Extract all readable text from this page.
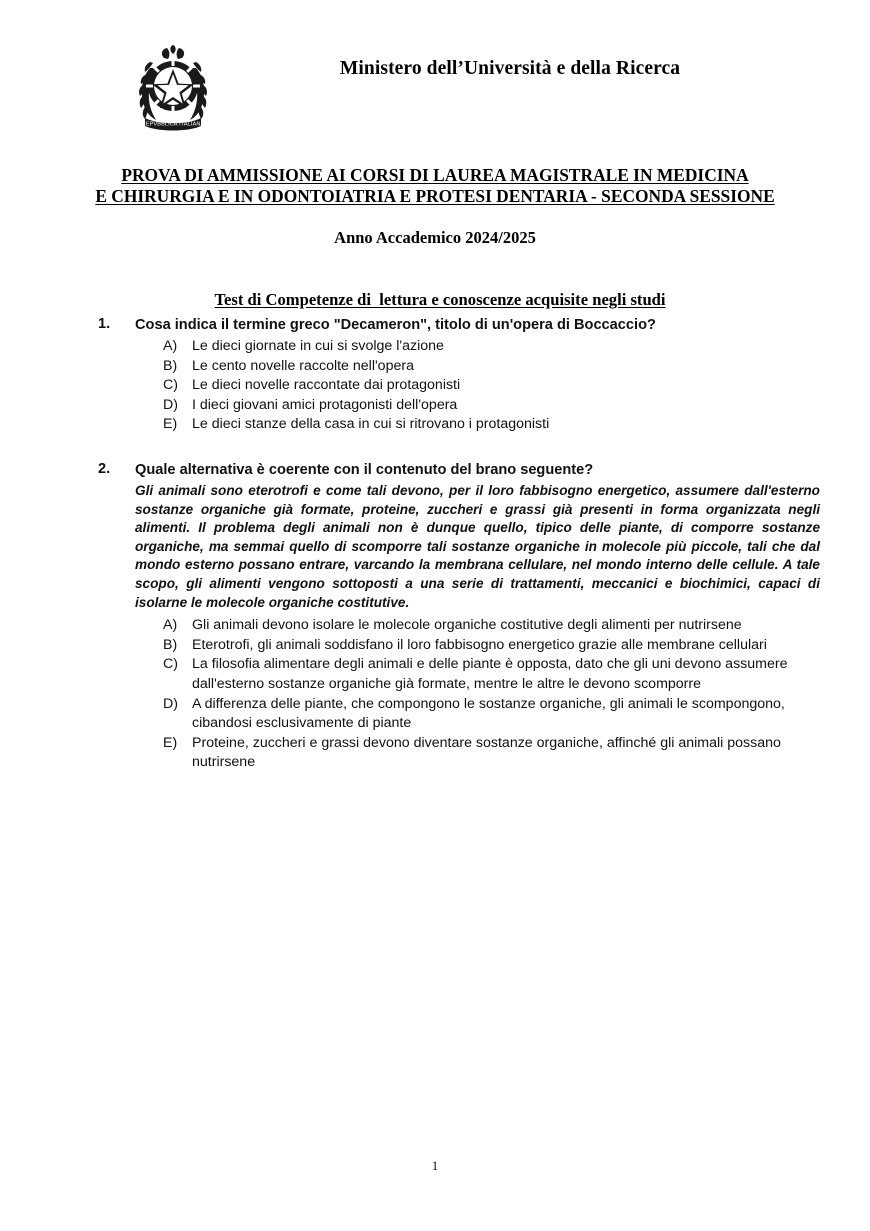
REPVBBLICA ITALIANA
Ministero dell’Università e della Ricerca
PROVA DI AMMISSIONE AI CORSI DI LAUREA MAGISTRALE IN MEDICINA
E CHIRURGIA E IN ODONTOIATRIA E PROTESI DENTARIA - SECONDA SESSIONE
Anno Accademico 2024/2025
Test di Competenze di  lettura e conoscenze acquisite negli studi
1. Cosa indica il termine greco "Decameron", titolo di un'opera di Boccaccio?
A) Le dieci giornate in cui si svolge l'azione
B) Le cento novelle raccolte nell'opera
C) Le dieci novelle raccontate dai protagonisti
D) I dieci giovani amici protagonisti dell'opera
E) Le dieci stanze della casa in cui si ritrovano i protagonisti
2. Quale alternativa è coerente con il contenuto del brano seguente?
Gli animali sono eterotrofi e come tali devono, per il loro fabbisogno energetico, assumere dall'esterno sostanze organiche già formate, proteine, zuccheri e grassi già presenti in forma organizzata negli alimenti. Il problema degli animali non è dunque quello, tipico delle piante, di comporre sostanze organiche, ma semmai quello di scomporre tali sostanze organiche in molecole più piccole, tali che dal mondo esterno possano entrare, varcando la membrana cellulare, nel mondo interno delle cellule. A tale scopo, gli alimenti vengono sottoposti a una serie di trattamenti, meccanici e biochimici, capaci di isolarne le molecole organiche costitutive.
A) Gli animali devono isolare le molecole organiche costitutive degli alimenti per nutrirsene
B) Eterotrofi, gli animali soddisfano il loro fabbisogno energetico grazie alle membrane cellulari
C) La filosofia alimentare degli animali e delle piante è opposta, dato che gli uni devono assumere dall'esterno sostanze organiche già formate, mentre le altre le devono scomporre
D) A differenza delle piante, che compongono le sostanze organiche, gli animali le scompongono, cibandosi esclusivamente di piante
E) Proteine, zuccheri e grassi devono diventare sostanze organiche, affinché gli animali possano nutrirsene
1
